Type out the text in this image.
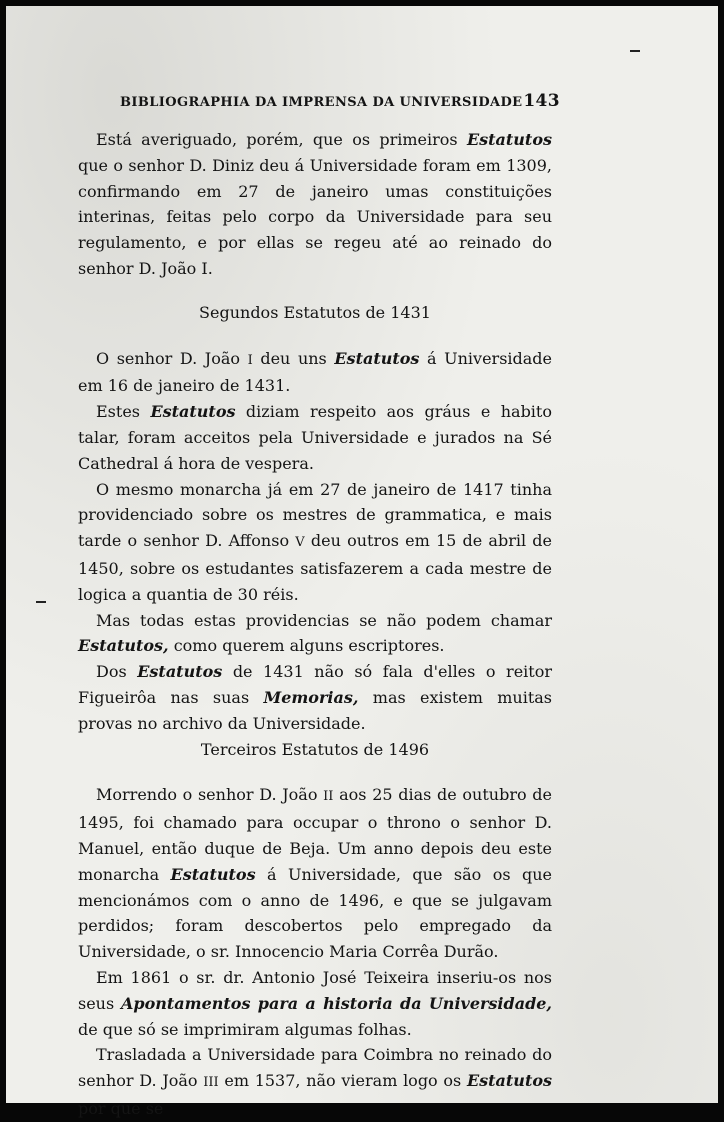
BIBLIOGRAPHIA DA IMPRENSA DA UNIVERSIDADE 143

Está averiguado, porém, que os primeiros Estatutos que o senhor D. Diniz deu á Universidade foram em 1309, confirmando em 27 de janeiro umas constituições interinas, feitas pelo corpo da Universidade para seu regulamento, e por ellas se regeu até ao reinado do senhor D. João I.

Segundos Estatutos de 1431

O senhor D. João I deu uns Estatutos á Universidade em 16 de janeiro de 1431.

Estes Estatutos diziam respeito aos gráus e habito talar, foram acceitos pela Universidade e jurados na Sé Cathedral á hora de vespera.

O mesmo monarcha já em 27 de janeiro de 1417 tinha providenciado sobre os mestres de grammatica, e mais tarde o senhor D. Affonso V deu outros em 15 de abril de 1450, sobre os estudantes satisfazerem a cada mestre de logica a quantia de 30 réis.

Mas todas estas providencias se não podem chamar Estatutos, como querem alguns escriptores.

Dos Estatutos de 1431 não só fala d'elles o reitor Figueirôa nas suas Memorias, mas existem muitas provas no archivo da Universidade.

Terceiros Estatutos de 1496

Morrendo o senhor D. João II aos 25 dias de outubro de 1495, foi chamado para occupar o throno o senhor D. Manuel, então duque de Beja. Um anno depois deu este monarcha Estatutos á Universidade, que são os que mencionámos com o anno de 1496, e que se julgavam perdidos; foram descobertos pelo empregado da Universidade, o sr. Innocencio Maria Corrêa Durão.

Em 1861 o sr. dr. Antonio José Teixeira inseriu-os nos seus Apontamentos para a historia da Universidade, de que só se imprimiram algumas folhas.

Trasladada a Universidade para Coimbra no reinado do senhor D. João III em 1537, não vieram logo os Estatutos por que se
